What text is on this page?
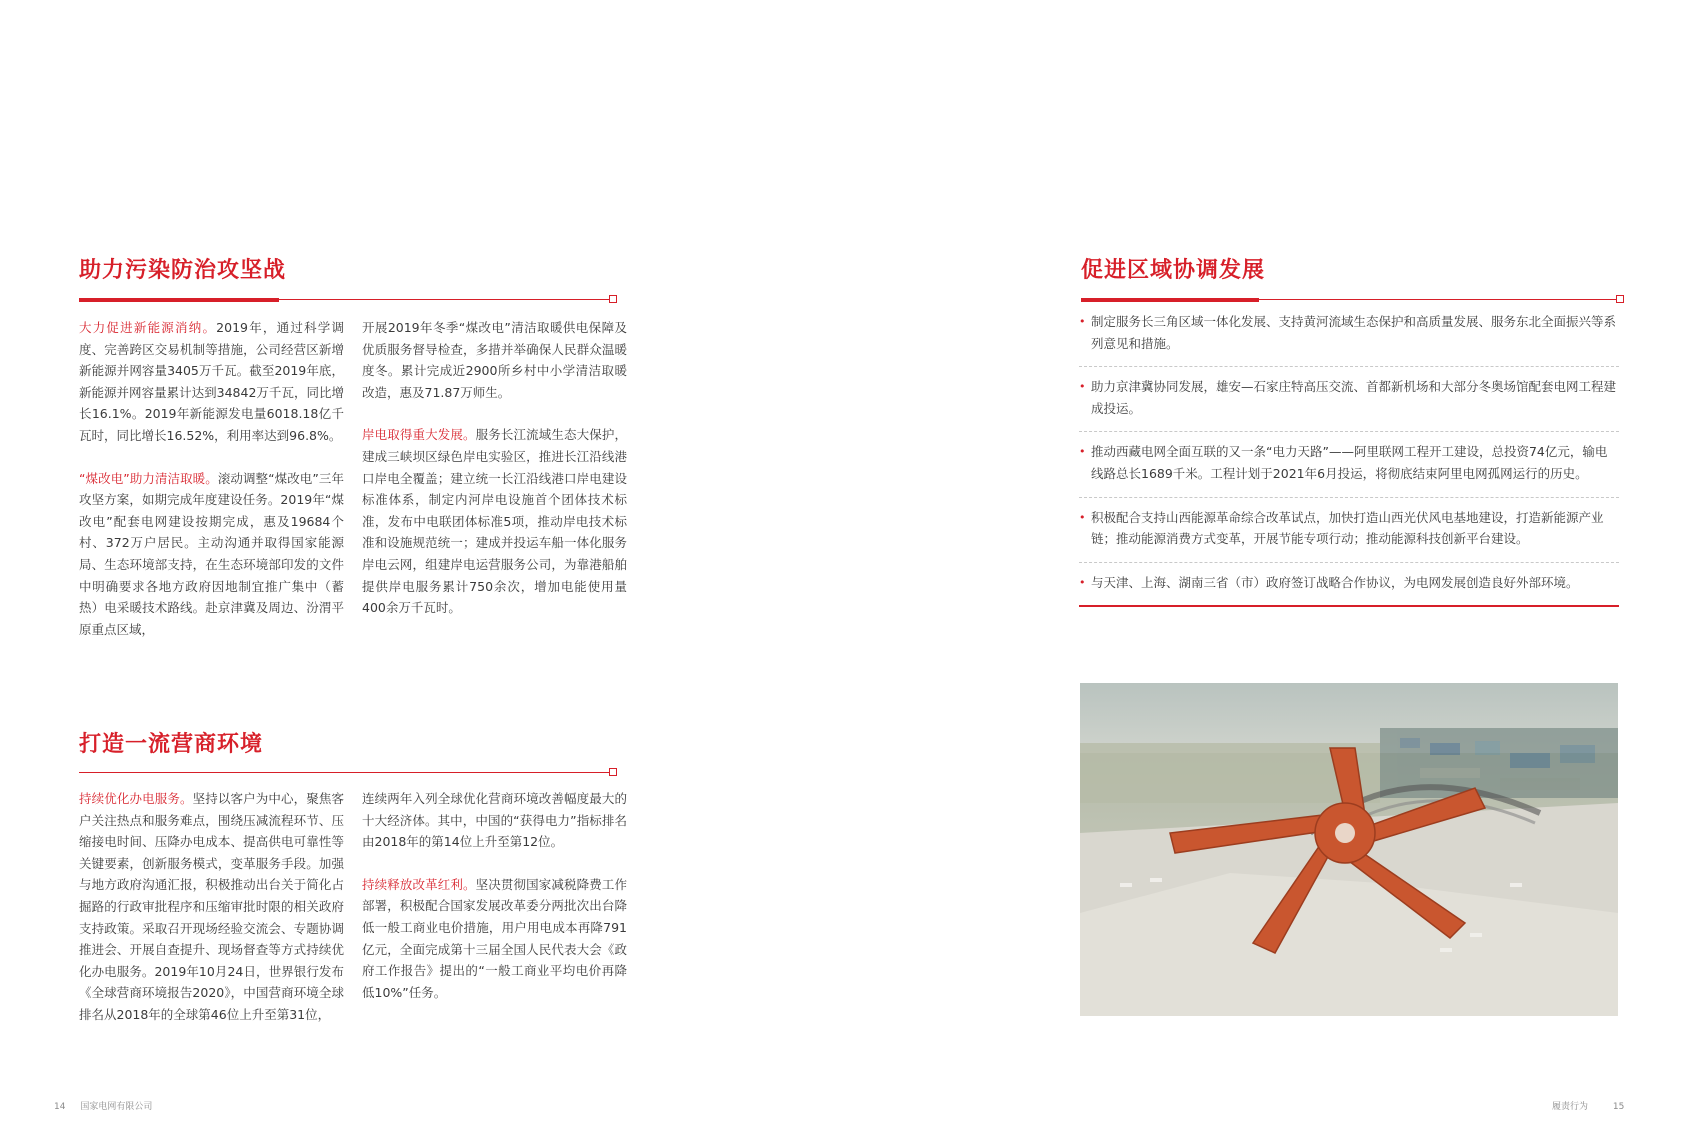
助力污染防治攻坚战

大力促进新能源消纳。2019年，通过科学调度、完善跨区交易机制等措施，公司经营区新增新能源并网容量3405万千瓦。截至2019年底，新能源并网容量累计达到34842万千瓦，同比增长16.1%。2019年新能源发电量6018.18亿千瓦时，同比增长16.52%，利用率达到96.8%。

“煤改电”助力清洁取暖。滚动调整“煤改电”三年攻坚方案，如期完成年度建设任务。2019年“煤改电”配套电网建设按期完成，惠及19684个村、372万户居民。主动沟通并取得国家能源局、生态环境部支持，在生态环境部印发的文件中明确要求各地方政府因地制宜推广集中（蓄热）电采暖技术路线。赴京津冀及周边、汾渭平原重点区域，

开展2019年冬季“煤改电”清洁取暖供电保障及优质服务督导检查，多措并举确保人民群众温暖度冬。累计完成近2900所乡村中小学清洁取暖改造，惠及71.87万师生。

岸电取得重大发展。服务长江流域生态大保护，建成三峡坝区绿色岸电实验区，推进长江沿线港口岸电全覆盖；建立统一长江沿线港口岸电建设标准体系，制定内河岸电设施首个团体技术标准，发布中电联团体标准5项，推动岸电技术标准和设施规范统一；建成并投运车船一体化服务岸电云网，组建岸电运营服务公司，为靠港船舶提供岸电服务累计750余次，增加电能使用量400余万千瓦时。

打造一流营商环境

持续优化办电服务。坚持以客户为中心，聚焦客户关注热点和服务难点，围绕压减流程环节、压缩接电时间、压降办电成本、提高供电可靠性等关键要素，创新服务模式，变革服务手段。加强与地方政府沟通汇报，积极推动出台关于简化占掘路的行政审批程序和压缩审批时限的相关政府支持政策。采取召开现场经验交流会、专题协调推进会、开展自查提升、现场督查等方式持续优化办电服务。2019年10月24日，世界银行发布《全球营商环境报告2020》，中国营商环境全球排名从2018年的全球第46位上升至第31位，

连续两年入列全球优化营商环境改善幅度最大的十大经济体。其中，中国的“获得电力”指标排名由2018年的第14位上升至第12位。

持续释放改革红利。坚决贯彻国家减税降费工作部署，积极配合国家发展改革委分两批次出台降低一般工商业电价措施，用户用电成本再降791亿元，全面完成第十三届全国人民代表大会《政府工作报告》提出的“一般工商业平均电价再降低10%”任务。

14 国家电网有限公司
促进区域协调发展
• 制定服务长三角区域一体化发展、支持黄河流域生态保护和高质量发展、服务东北全面振兴等系列意见和措施。
• 助力京津冀协同发展，雄安—石家庄特高压交流、首都新机场和大部分冬奥场馆配套电网工程建成投运。
• 推动西藏电网全面互联的又一条“电力天路”——阿里联网工程开工建设，总投资74亿元，输电线路总长1689千米。工程计划于2021年6月投运，将彻底结束阿里电网孤网运行的历史。
• 积极配合支持山西能源革命综合改革试点，加快打造山西光伏风电基地建设，打造新能源产业链；推动能源消费方式变革，开展节能专项行动；推动能源科技创新平台建设。
• 与天津、上海、湖南三省（市）政府签订战略合作协议，为电网发展创造良好外部环境。
履责行为	15
